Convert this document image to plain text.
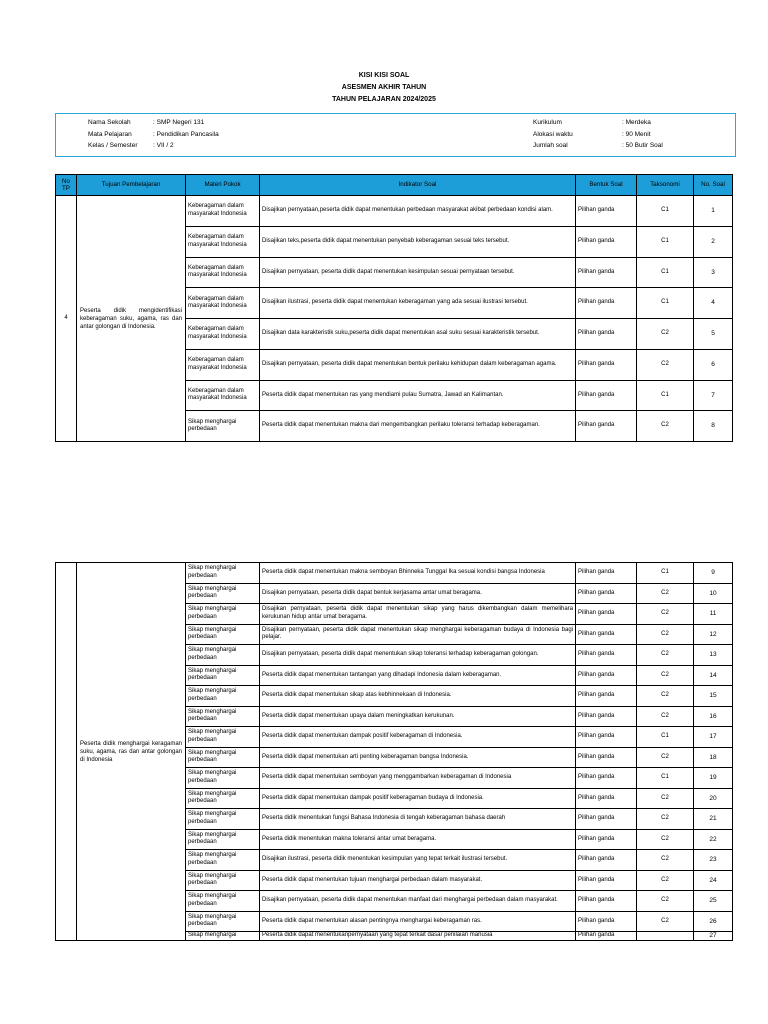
KISI KISI SOAL
ASESMEN AKHIR TAHUN
TAHUN PELAJARAN 2024/2025
Nama Sekolah	: SMP Negeri 131
Mata Pelajaran	: Pendidikan Pancasila
Kelas / Semester	: VII / 2
Kurikulum	: Merdeka
Alokasi waktu	: 90 Menit
Jumlah soal	: 50 Butir Soal
No TP	Tujuan Pembelajaran	Materi Pokok	Indikator Soal	Bentuk Soal	Taksonomi	No. Soal
4	Peserta didik mengidentifikasi keberagaman suku, agama, ras dan antar golongan di Indonesia.	Keberagaman dalam masyarakat Indonesia	Disajikan pernyataan,peserta didik dapat menentukan perbedaan masyarakat akibat perbedaan kondisi alam.	Pilihan ganda	C1	1
		Keberagaman dalam masyarakat Indonesia	Disajikan teks,peserta didik dapat menentukan penyebab keberagaman sesuai teks tersebut.	Pilihan ganda	C1	2
		Keberagaman dalam masyarakat Indonesia	Disajikan pernyataan, peserta didik dapat menentukan kesimpulan sesuai pernyataan tersebut.	Pilihan ganda	C1	3
		Keberagaman dalam masyarakat Indonesia	Disajikan ilustrasi, peserta didik dapat menentukan keberagaman yang ada sesuai ilustrasi tersebut.	Pilihan ganda	C1	4
		Keberagaman dalam masyarakat Indonesia	Disajikan data karakteristik suku,peserta didik dapat menentukan asal suku sesuai karakteristik tersebut.	Pilihan ganda	C2	5
		Keberagaman dalam masyarakat Indonesia	Disajikan pernyataan, peserta didik dapat menentukan bentuk perilaku kehidupan dalam keberagaman agama.	Pilihan ganda	C2	6
		Keberagaman dalam masyarakat Indonesia	Peserta didik dapat menentukan ras yang mendiami pulau Sumatra, Jawad an Kalimantan.	Pilihan ganda	C1	7
		Sikap menghargai perbedaan	Peserta didik dapat menentukan makna dari mengembangkan perilaku toleransi terhadap keberagaman.	Pilihan ganda	C2	8
	Peserta didik menghargai keragaman suku, agama, ras dan antar golongan di Indonesia	Sikap menghargai perbedaan	Peserta didik dapat menentukan makna semboyan Bhinneka Tunggal Ika sesuai kondisi bangsa Indonesia	Pilihan ganda	C1	9
		Sikap menghargai perbedaan	Disajikan pernyataan, peserta didik dapat bentuk kerjasama antar umat beragama.	Pilihan ganda	C2	10
		Sikap menghargai perbedaan	Disajikan pernyataan, peserta didik dapat menentukan sikap yang harus dikembangkan dalam memelihara kerukunan hidup antar umat beragama.	Pilihan ganda	C2	11
		Sikap menghargai perbedaan	Disajikan pernyataan, peserta didik dapat menentukan sikap menghargai keberagaman budaya di Indonesia bagi pelajar.	Pilihan ganda	C2	12
		Sikap menghargai perbedaan	Disajikan pernyataan, peserta didik dapat menentukan sikap toleransi terhadap keberagaman golongan.	Pilihan ganda	C2	13
		Sikap menghargai perbedaan	Peserta didik dapat menentukan tantangan yang dihadapi Indonesia dalam keberagaman.	Pilihan ganda	C2	14
		Sikap menghargai perbedaan	Peserta didik dapat menentukan sikap atas kebhinnekaan di Indonesia.	Pilihan ganda	C2	15
		Sikap menghargai perbedaan	Peserta didik dapat menentukan upaya dalam meningkatkan kerukunan.	Pilihan ganda	C2	16
		Sikap menghargai perbedaan	Peserta didik dapat menentukan dampak positif keberagaman di Indonesia.	Pilihan ganda	C1	17
		Sikap menghargai perbedaan	Peserta didik dapat menentukan arti penting keberagaman bangsa Indonesia.	Pilihan ganda	C2	18
		Sikap menghargai perbedaan	Peserta didik dapat menentukan semboyan yang menggambarkan keberagaman di Indonesia	Pilihan ganda	C1	19
		Sikap menghargai perbedaan	Peserta didik dapat menentukan dampak positif keberagaman budaya di Indonesia.	Pilihan ganda	C2	20
		Sikap menghargai perbedaan	Peserta didik menentukan fungsi Bahasa Indonesia di tengah keberagaman bahasa daerah	Pilihan ganda	C2	21
		Sikap menghargai perbedaan	Peserta didik menentukan makna toleransi antar umat beragama.	Pilihan ganda	C2	22
		Sikap menghargai perbedaan	Disajikan ilustrasi, peserta didik menentukan kesimpulan yang tepat terkait ilustrasi tersebut.	Pilihan ganda	C2	23
		Sikap menghargai perbedaan	Peserta didik dapat menentukan tujuan menghargai perbedaan dalam masyarakat.	Pilihan ganda	C2	24
		Sikap menghargai perbedaan	Disajikan pernyataan, peserta didik dapat menentukan manfaat dari menghargai perbedaan dalam masyarakat.	Pilihan ganda	C2	25
		Sikap menghargai perbedaan	Peserta didik dapat menentukan alasan pentingnya menghargai keberagaman ras.	Pilihan ganda	C2	26
		Sikap menghargai	Peserta didik dapat menentukanpernyataan yang tepat terkait dasar penilaian manusia	Pilihan ganda		27
